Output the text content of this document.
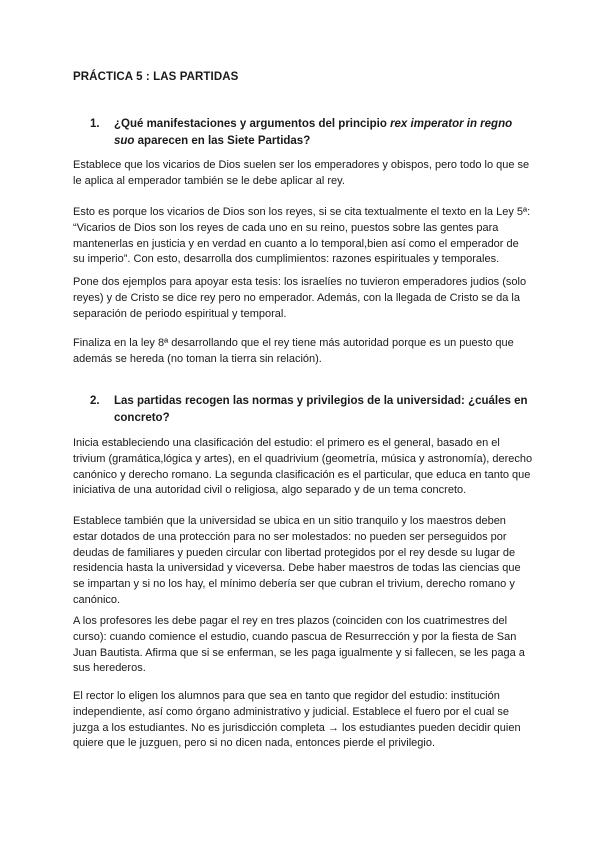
PRÁCTICA 5 : LAS PARTIDAS
1. ¿Qué manifestaciones y argumentos del principio rex imperator in regno suo aparecen en las Siete Partidas?

Establece que los vicarios de Dios suelen ser los emperadores y obispos, pero todo lo que se le aplica al emperador también se le debe aplicar al rey.

Esto es porque los vicarios de Dios son los reyes, si se cita textualmente el texto en la Ley 5ª: “Vicarios de Dios son los reyes de cada uno en su reino, puestos sobre las gentes para mantenerlas en justicia y en verdad en cuanto a lo temporal,bien así como el emperador de su imperio”. Con esto, desarrolla dos cumplimientos: razones espirituales y temporales.

Pone dos ejemplos para apoyar esta tesis: los israelíes no tuvieron emperadores judios (solo reyes) y de Cristo se dice rey pero no emperador. Además, con la llegada de Cristo se da la separación de periodo espiritual y temporal.

Finaliza en la ley 8ª desarrollando que el rey tiene más autoridad porque es un puesto que además se hereda (no toman la tierra sin relación).

2. Las partidas recogen las normas y privilegios de la universidad: ¿cuáles en concreto?

Inicia estableciendo una clasificación del estudio: el primero es el general, basado en el trivium (gramática,lógica y artes), en el quadrivium (geometría, música y astronomía), derecho canónico y derecho romano. La segunda clasificación es el particular, que educa en tanto que iniciativa de una autoridad civil o religiosa, algo separado y de un tema concreto.

Establece también que la universidad se ubica en un sitio tranquilo y los maestros deben estar dotados de una protección para no ser molestados: no pueden ser perseguidos por deudas de familiares y pueden circular con libertad protegidos por el rey desde su lugar de residencia hasta la universidad y viceversa. Debe haber maestros de todas las ciencias que se impartan y si no los hay, el mínimo debería ser que cubran el trivium, derecho romano y canónico.

A los profesores les debe pagar el rey en tres plazos (coinciden con los cuatrimestres del curso): cuando comience el estudio, cuando pascua de Resurrección y por la fiesta de San Juan Bautista. Afirma que si se enferman, se les paga igualmente y si fallecen, se les paga a sus herederos.

El rector lo eligen los alumnos para que sea en tanto que regidor del estudio: institución independiente, así como órgano administrativo y judicial. Establece el fuero por el cual se juzga a los estudiantes. No es jurisdicción completa → los estudiantes pueden decidir quien quiere que le juzguen, pero si no dicen nada, entonces pierde el privilegio.
